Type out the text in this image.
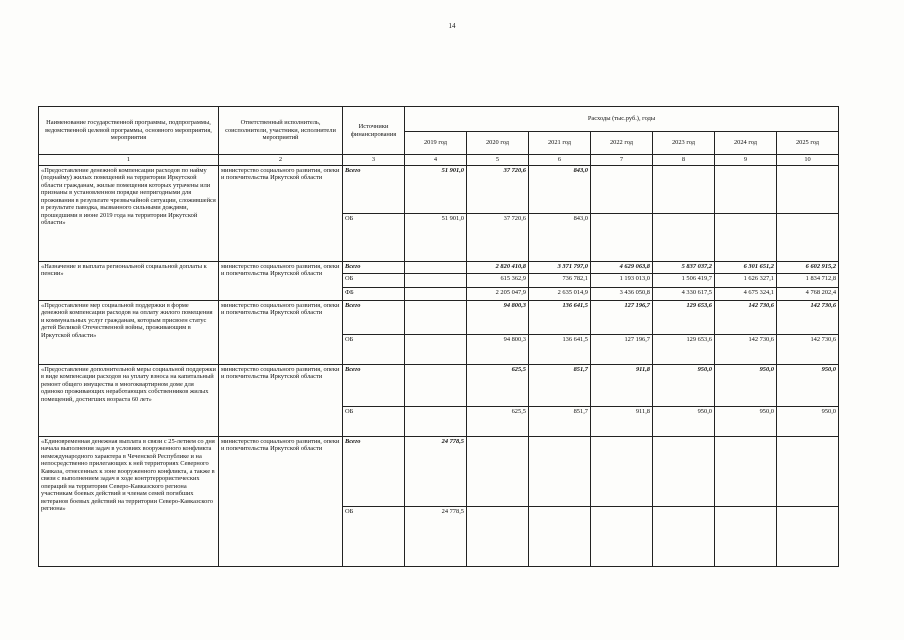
14
Наименование государственной программы, подпрограммы, ведомственной целевой программы, основного мероприятия, мероприятия	Ответственный исполнитель, соисполнители, участники, исполнители мероприятий	Источники финансирования	Расходы (тыс.руб.), годы						
			2019 год	2020 год	2021 год	2022 год	2023 год	2024 год	2025 год
1	2	3	4	5	6	7	8	9	10
«Предоставление денежной компенсации расходов по найму (поднайму) жилых помещений на территории Иркутской области гражданам, жилые помещения которых утрачены или признаны в установленном порядке непригодными для проживания в результате чрезвычайной ситуации, сложившейся в результате паводка, вызванного сильными дождями, прошедшими в июне 2019 года на территории Иркутской области»	министерство социального развития, опеки и попечительства Иркутской области	Всего	51 901,0	37 720,6	843,0				
		ОБ	51 901,0	37 720,6	843,0				
«Назначение и выплата региональной социальной доплаты к пенсии»	министерство социального развития, опеки и попечительства Иркутской области	Всего		2 820 410,8	3 371 797,0	4 629 063,8	5 837 037,2	6 301 651,2	6 602 915,2
		ОБ		615 362,9	736 782,1	1 193 013,0	1 506 419,7	1 626 327,1	1 834 712,8
		ФБ		2 205 047,9	2 635 014,9	3 436 050,8	4 330 617,5	4 675 324,1	4 768 202,4
«Предоставление мер социальной поддержки в форме денежной компенсации расходов на оплату жилого помещения и коммунальных услуг гражданам, которым присвоен статус детей Великой Отечественной войны, проживающим в Иркутской области»	министерство социального развития, опеки и попечительства Иркутской области	Всего		94 800,3	136 641,5	127 196,7	129 653,6	142 730,6	142 730,6
		ОБ		94 800,3	136 641,5	127 196,7	129 653,6	142 730,6	142 730,6
«Предоставление дополнительной меры социальной поддержки в виде компенсации расходов на уплату взноса на капитальный ремонт общего имущества в многоквартирном доме для одиноко проживающих неработающих собственников жилых помещений, достигших возраста 60 лет»	министерство социального развития, опеки и попечительства Иркутской области	Всего		625,5	851,7	911,8	950,0	950,0	950,0
		ОБ		625,5	851,7	911,8	950,0	950,0	950,0
«Единовременная денежная выплата в связи с 25-летием со дня начала выполнения задач в условиях вооруженного конфликта немеждународного характера в Чеченской Республике и на непосредственно прилегающих к ней территориях Северного Кавказа, отнесенных к зоне вооруженного конфликта, а также в связи с выполнением задач в ходе контртеррористических операций на территории Северо-Кавказского региона участникам боевых действий и членам семей погибших ветеранов боевых действий на территории Северо-Кавказского региона»	министерство социального развития, опеки и попечительства Иркутской области	Всего	24 778,5						
		ОБ	24 778,5						
